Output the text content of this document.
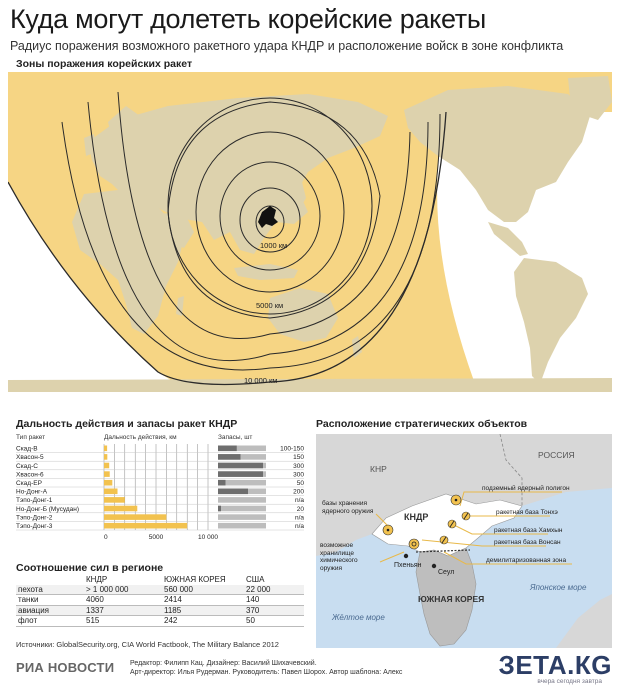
Куда могут долететь корейские ракеты
Радиус поражения возможного ракетного удара КНДР и расположение войск в зоне конфликта
Зоны поражения корейских ракет
1000 км
5000 км
10 000 км
Дальность действия и запасы ракет КНДР	Расположение стратегических объектов
Тип ракет	Дальность действия, км	Запасы, шт
Скад-В	100-150
Хвасон-5	150
Скад-С	300
Хвасон-6	300
Скад-ЕР	50
Но-Донг-А	200
Тэпо-Донг-1	n/a
Но-Донг-Б (Мусудан)	20
Тэпо-Донг-2	n/a
Тэпо-Донг-3	n/a
0	5000	10 000
Соотношение сил в регионе
	КНДР	ЮЖНАЯ КОРЕЯ	США
пехота	> 1 000 000	560 000	22 000
танки	4060	2414	140
авиация	1337	1185	370
флот	515	242	50
Источники: GlobalSecurity.org, CIA World Factbook, The Military Balance 2012
РОССИЯ
КНР
КНДР
ЮЖНАЯ КОРЕЯ
Японское море
Жёлтое море
Пхеньян
Сеул
подземный ядерный полигон
ракетная база Тонхэ
ракетная база Хамхын
ракетная база Вонсан
демилитаризованная зона
базы хранения ядерного оружия
возможное хранилище химического оружия
РИА НОВОСТИ Редактор: Филипп Кац. Дизайнер: Василий Шихачевский.
Арт-директор: Илья Рудерман. Руководитель: Павел Шорох. Автор шаблона: Алекс	ЗЕТА.КG
вчера сегодня завтра
